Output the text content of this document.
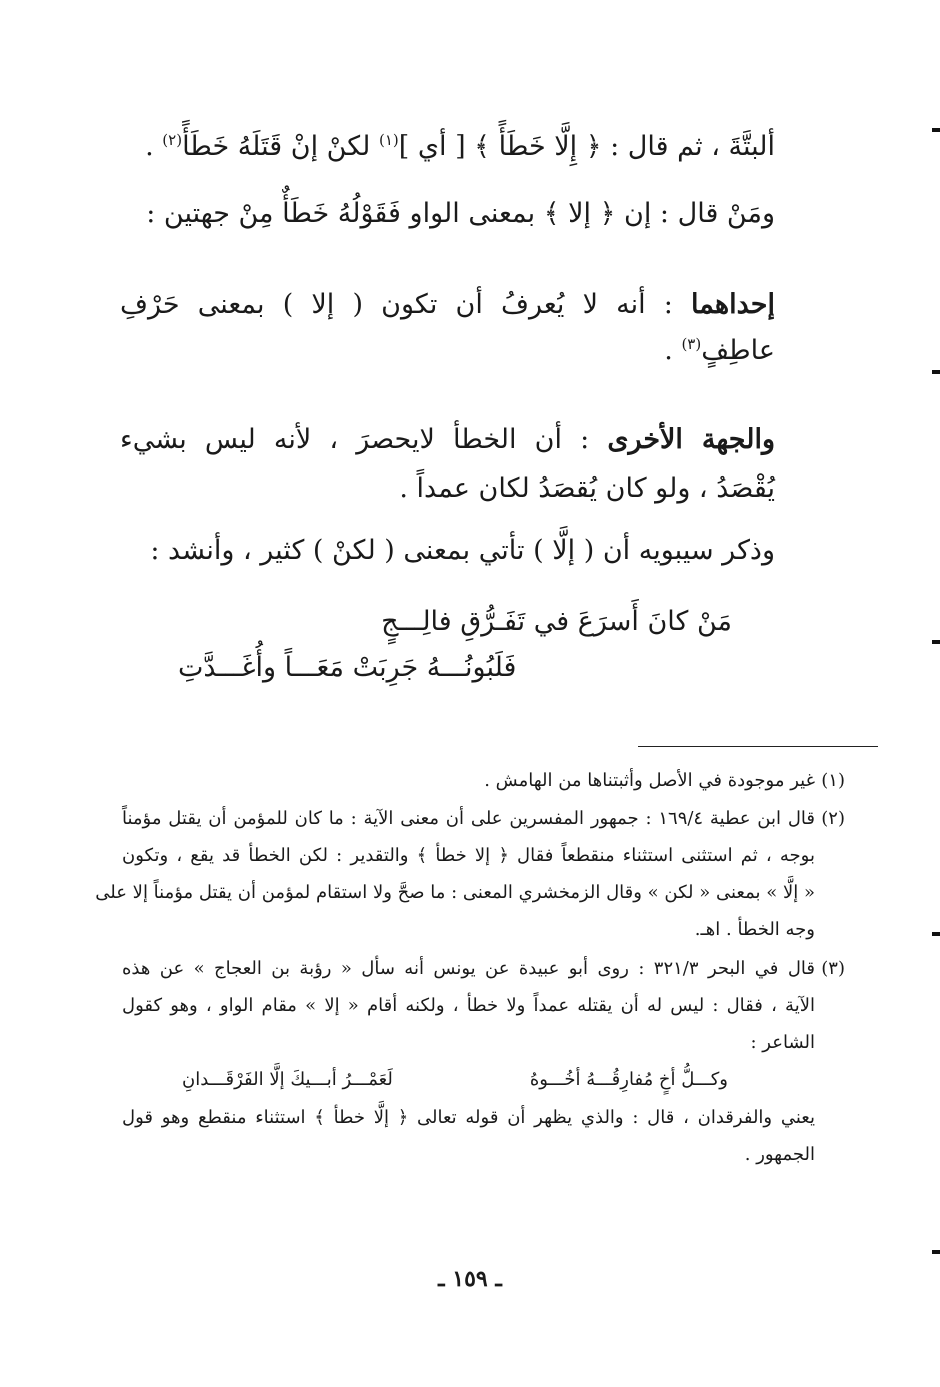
ألبتَّةَ ، ثم قال : ﴿ إِلَّا خَطَأً ﴾ [ أي ]$^{(١)}$ لكنْ إنْ قَتَلَهُ خَطَأً$^{(٢)}$ .
ومَنْ قال : إن ﴿ إلا ﴾ بمعنى الواو فَقَوْلُهُ خَطَأٌ مِنْ جهتين :
إحداهما : أنه لا يُعرفُ أن تكون ( إلا ) بمعنى حَرْفِ
عاطِفٍ$^{(٣)}$ .
والجهة الأخرى : أن الخطأ لايحصرَ ، لأنه ليس بشيء
يُقْصَدُ ، ولو كان يُقصَدُ لكان عمداً .
وذكر سيبويه أن ( إلَّا ) تأتي بمعنى ( لكنْ ) كثير ، وأنشد :
مَنْ كانَ أَسرَعَ في تَفَـرُّقِ فالِـــجٍ
فَلَبُونُـــهُ جَرِبَتْ مَعَـــاً وأُغَـــدَّتِ
(١)
غير موجودة في الأصل وأثبتناها من الهامش .
(٢)
قال ابن عطية ١٦٩/٤ : جمهور المفسرين على أن معنى الآية : ما كان للمؤمن أن يقتل مؤمناً
بوجه ، ثم استثنى استثناء منقطعاً فقال ﴿ إلا خطأ ﴾ والتقدير : لكن الخطأ قد يقع ، وتكون
« إلَّا » بمعنى « لكن » وقال الزمخشري المعنى : ما صحَّ ولا استقام لمؤمن أن يقتل مؤمناً إلا على
وجه الخطأ . اهـ.
(٣)
قال في البحر ٣٢١/٣ : روى أبو عبيدة عن يونس أنه سأل « رؤبة بن العجاج » عن هذه
الآية ، فقال : ليس له أن يقتله عمداً ولا خطأ ، ولكنه أقام « إلا » مقام الواو ، وهو كقول
الشاعر :
وكـــلُّ أخٍ مُفارِقُـــهُ أخُـــوهُ
لَعَمْـــرُ أبـــيكَ إلَّا الفَرْقَـــدانِ
يعني والفرقدان ، قال : والذي يظهر أن قوله تعالى ﴿ إلَّا خطأ ﴾ استثناء منقطع وهو قول
الجمهور .
ـ ١٥٩ ـ
